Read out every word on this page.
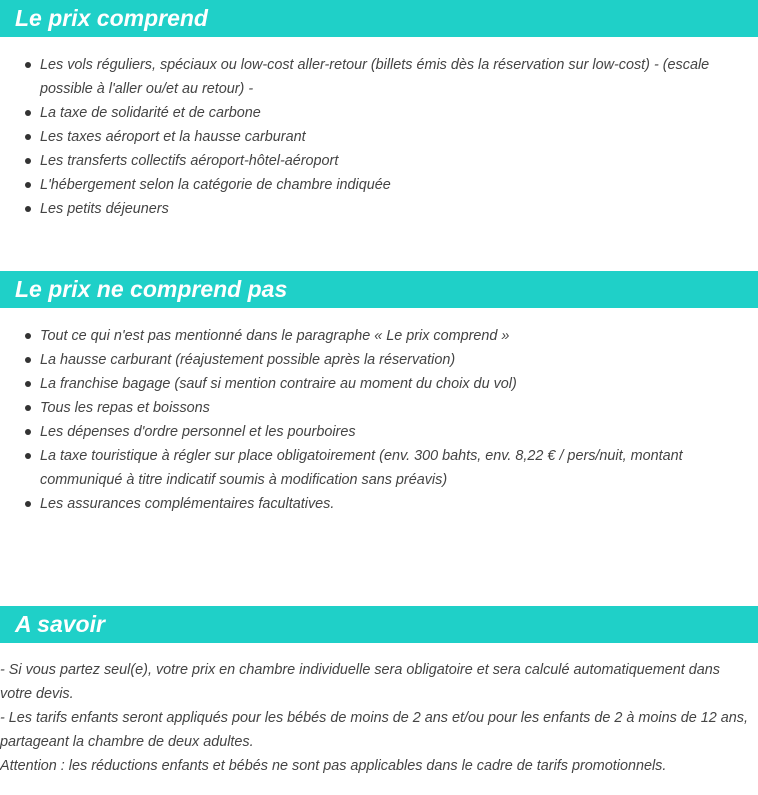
Le prix comprend
Les vols réguliers, spéciaux ou low-cost aller-retour (billets émis dès la réservation sur low-cost) - (escale possible à l'aller ou/et au retour) -
La taxe de solidarité et de carbone
Les taxes aéroport et la hausse carburant
Les transferts collectifs aéroport-hôtel-aéroport
L'hébergement selon la catégorie de chambre indiquée
Les petits déjeuners
Le prix ne comprend pas
Tout ce qui n'est pas mentionné dans le paragraphe « Le prix comprend »
La hausse carburant (réajustement possible après la réservation)
La franchise bagage (sauf si mention contraire au moment du choix du vol)
Tous les repas et boissons
Les dépenses d'ordre personnel et les pourboires
La taxe touristique à régler sur place obligatoirement (env. 300 bahts, env. 8,22 € / pers/nuit, montant communiqué à titre indicatif soumis à modification sans préavis)
Les assurances complémentaires facultatives.
A savoir

- Si vous partez seul(e), votre prix en chambre individuelle sera obligatoire et sera calculé automatiquement dans votre devis.

- Les tarifs enfants seront appliqués pour les bébés de moins de 2 ans et/ou pour les enfants de 2 à moins de 12 ans, partageant la chambre de deux adultes.

Attention : les réductions enfants et bébés ne sont pas applicables dans le cadre de tarifs promotionnels.
